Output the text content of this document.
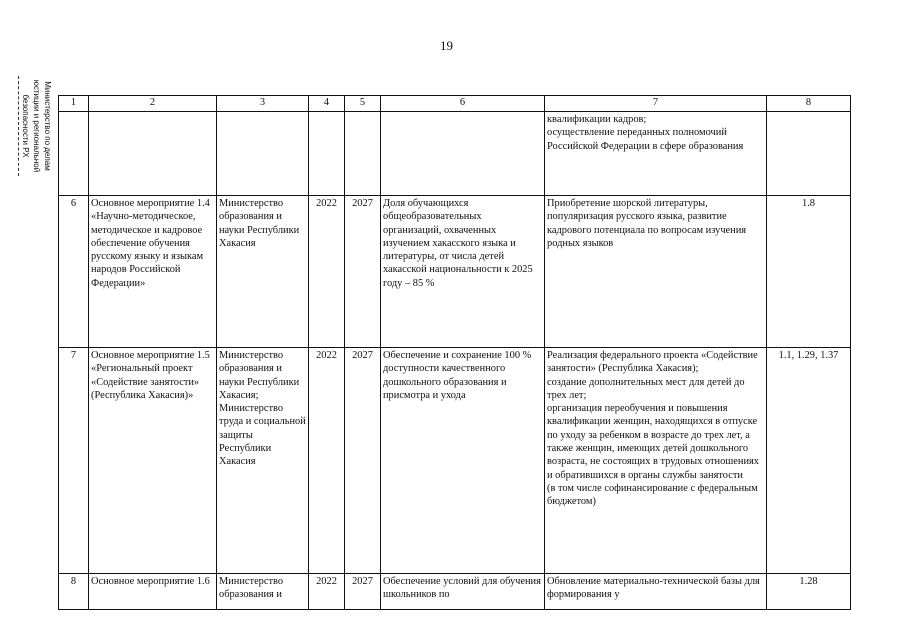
19
Министерство по делам
юстиции и региональной
безопасности РХ	1	2	3	4	5	6	7	8
						квалификации кадров;
осуществление переданных полномочий Российской Федерации в сфере образования	
6	Основное мероприятие 1.4 «Научно-методическое, методическое и кадровое обеспечение обучения русскому языку и языкам народов Российской Федерации»	Министерство образования и науки Республики Хакасия	2022	2027	Доля обучающихся общеобразовательных организаций, охваченных изучением хакасского языка и литературы, от числа детей хакасской национальности к 2025 году – 85 %	Приобретение шорской литературы, популяризация русского языка, развитие кадрового потенциала по вопросам изучения родных языков	1.8
7	Основное мероприятие 1.5 «Региональный проект «Содействие занятости» (Республика Хакасия)»	Министерство образования и науки Республики Хакасия; Министерство труда и социальной защиты Республики Хакасия	2022	2027	Обеспечение и сохранение 100 % доступности качественного дошкольного образования и присмотра и ухода	Реализация федерального проекта «Содействие занятости» (Республика Хакасия);
создание дополнительных мест для детей до трех лет;
организация переобучения и повышения квалификации женщин, находящихся в отпуске по уходу за ребенком в возрасте до трех лет, а также женщин, имеющих детей дошкольного возраста, не состоящих в трудовых отношениях и обратившихся в органы службы занятости
(в том числе софинансирование с федеральным бюджетом)	1.1, 1.29, 1.37
8	Основное мероприятие 1.6	Министерство образования и	2022	2027	Обеспечение условий для обучения школьников по	Обновление материально-технической базы для формирования у	1.28
